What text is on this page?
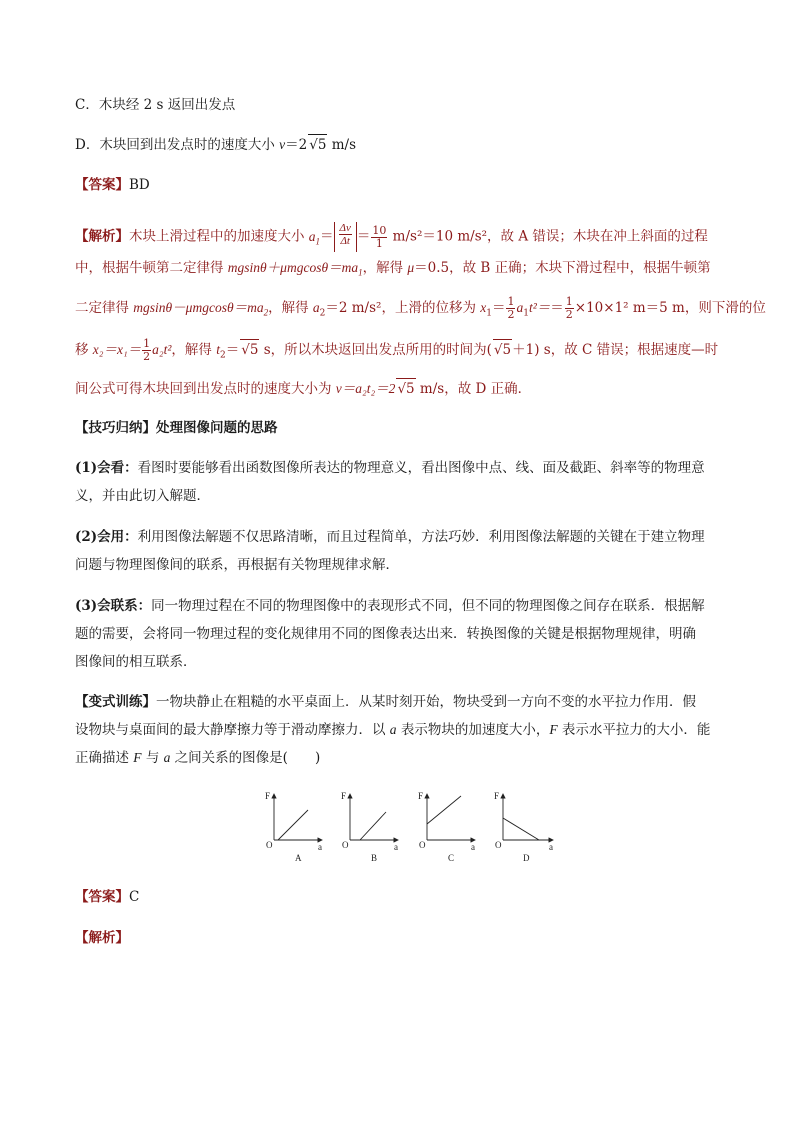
C．木块经 2 s 返回出发点
D．木块回到出发点时的速度大小 v＝2 √5 m/s
【答案】BD
【解析】木块上滑过程中的加速度大小 $a_1= \frac{\Delta v}{\Delta t} = \frac{10}{1} m/s^2=10$ m/s²，故 A 错误；木块在冲上斜面的过程
中，根据牛顿第二定律得 $mgsin\theta+\mu mgcos\theta=ma_1$，解得 μ＝0.5，故 B 正确；木块下滑过程中，根据牛顿第
二定律得 $mgsin\theta-\mu mgcos\theta=ma_2$，解得 $a_2=2$ m/s²，上滑的位移为 $x_1= \frac{1}{2} a_1t^2== \frac{1}{2} \times 10\times 1^2$ m＝5 m，则下滑的位
移 $x_2=x_1= \frac{1}{2} a_2t^2$，解得 $t_2= √5$ s，所以木块返回出发点所用的时间为( √5＋1) s，故 C 错误；根据速度—时
间公式可得木块回到出发点时的速度大小为 v＝a₂t₂＝2 √5 m/s，故 D 正确．
【技巧归纳】处理图像问题的思路
(1)会看：看图时要能够看出函数图像所表达的物理意义，看出图像中点、线、面及截距、斜率等的物理意
义，并由此切入解题．
(2)会用：利用图像法解题不仅思路清晰，而且过程简单，方法巧妙．利用图像法解题的关键在于建立物理
问题与物理图像间的联系，再根据有关物理规律求解．
(3)会联系：同一物理过程在不同的物理图像中的表现形式不同，但不同的物理图像之间存在联系．根据解
题的需要，会将同一物理过程的变化规律用不同的图像表达出来．转换图像的关键是根据物理规律，明确
图像间的相互联系．
【变式训练】一物块静止在粗糙的水平桌面上．从某时刻开始，物块受到一方向不变的水平拉力作用．假
设物块与桌面间的最大静摩擦力等于滑动摩擦力．以 a 表示物块的加速度大小，F 表示水平拉力的大小．能
正确描述 F 与 a 之间关系的图像是(　　)
F
O	a
A
F
O	a
B
F
O	a
C
F
O	a
D
【答案】C
【解析】
